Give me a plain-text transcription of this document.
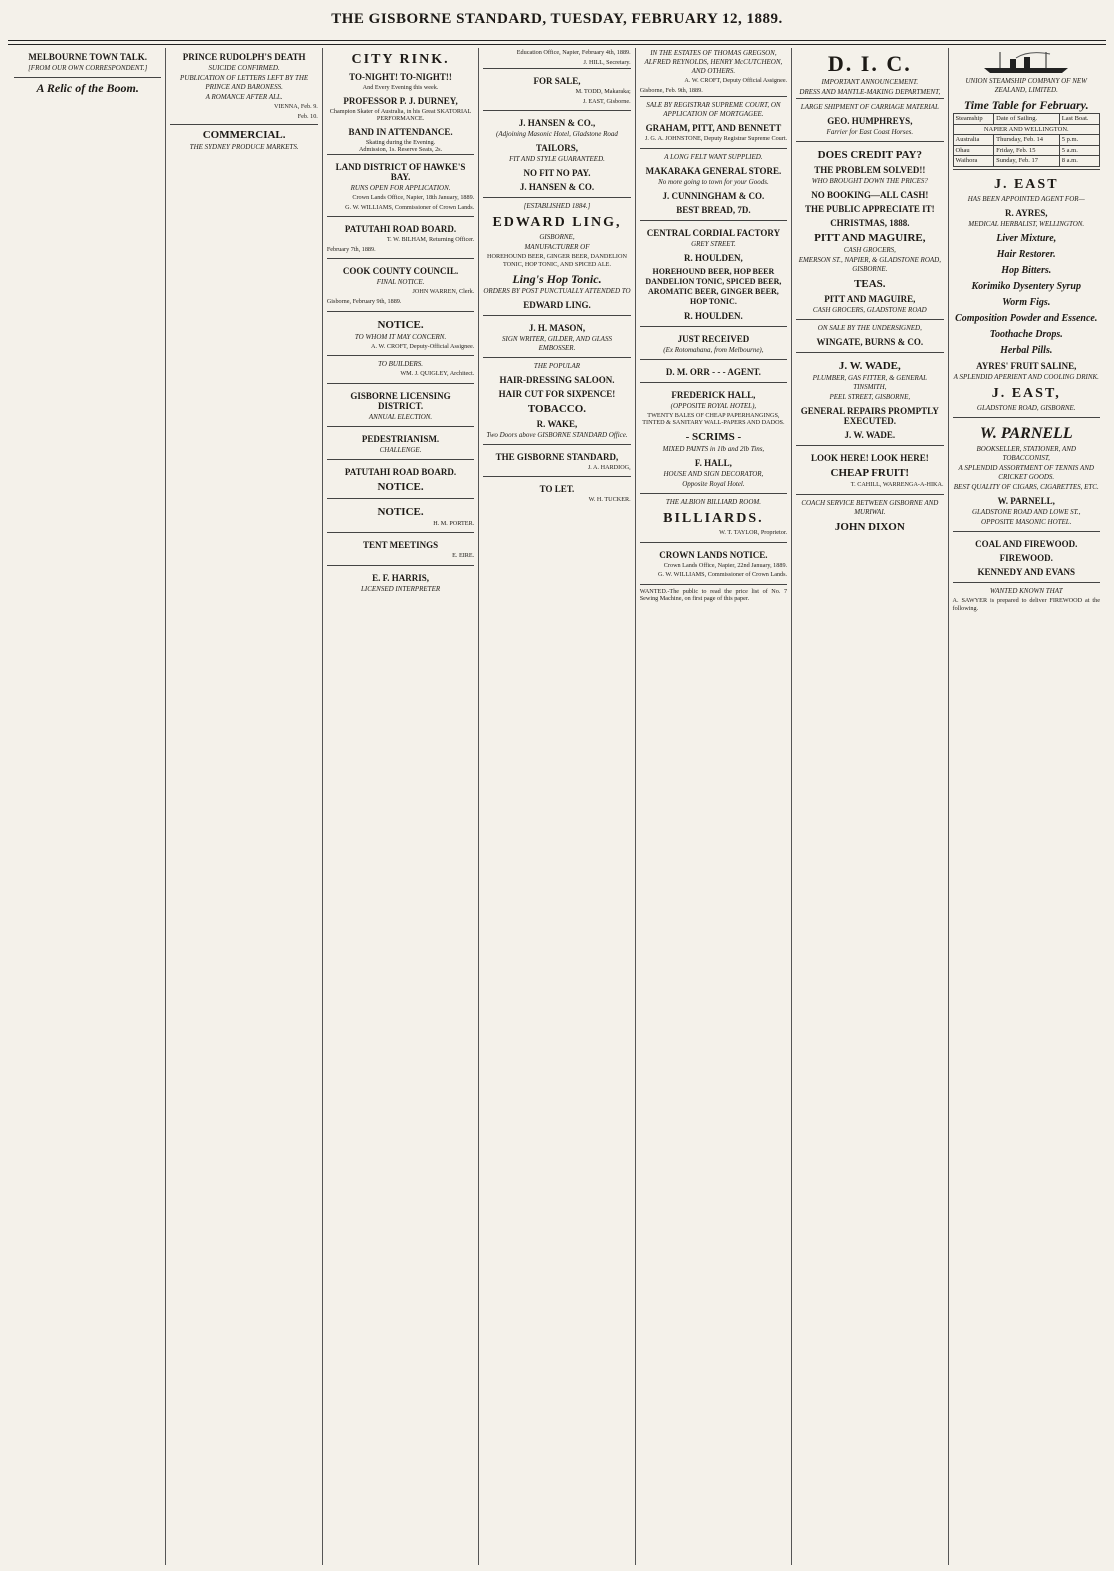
THE GISBORNE STANDARD, TUESDAY, FEBRUARY 12, 1889.
MELBOURNE TOWN TALK.
[FROM OUR OWN CORRESPONDENT.]
A Relic of the Boom.
PRINCE RUDOLPH'S DEATH
SUICIDE CONFIRMED.
PUBLICATION OF LETTERS LEFT BY THE PRINCE AND BARONESS.
A ROMANCE AFTER ALL.
VIENNA, Feb. 9.
Feb. 10.
COMMERCIAL.
THE SYDNEY PRODUCE MARKETS.
CITY RINK.
TO-NIGHT! TO-NIGHT!!
And Every Evening this week.
PROFESSOR P. J. DURNEY,
Champion Skater of Australia, in his Great SKATORIAL PERFORMANCE.
BAND IN ATTENDANCE.
Skating during the Evening.
Admission, 1s. Reserve Seats, 2s.
LAND DISTRICT OF HAWKE'S BAY.
RUNS OPEN FOR APPLICATION.
Crown Lands Office, Napier, 18th January, 1889.
G. W. WILLIAMS, Commissioner of Crown Lands.
PATUTAHI ROAD BOARD.
T. W. BILHAM, Returning Officer.
February 7th, 1889.
COOK COUNTY COUNCIL.
FINAL NOTICE.
JOHN WARREN, Clerk.
Gisborne, February 9th, 1889.
NOTICE.
TO WHOM IT MAY CONCERN.
A. W. CROFT, Deputy-Official Assignee.
TO BUILDERS.
WM. J. QUIGLEY, Architect.
GISBORNE LICENSING DISTRICT.
ANNUAL ELECTION.
PEDESTRIANISM.
CHALLENGE.
PATUTAHI ROAD BOARD.
NOTICE.
NOTICE.
H. M. PORTER.
TENT MEETINGS
E. EIRE.
E. F. HARRIS,
LICENSED INTERPRETER
Education Office, Napier, February 4th, 1889.
J. HILL, Secretary.
FOR SALE,
M. TODD, Makaraka;
J. EAST, Gisborne.
J. HANSEN & CO.,
(Adjoining Masonic Hotel, Gladstone Road
TAILORS,
FIT AND STYLE GUARANTEED.
NO FIT NO PAY.
J. HANSEN & CO.
[ESTABLISHED 1884.]
EDWARD LING,
GISBORNE,
MANUFACTURER OF
HOREHOUND BEER, GINGER BEER, DANDELION TONIC, HOP TONIC, AND SPICED ALE.
Ling's Hop Tonic.
ORDERS BY POST PUNCTUALLY ATTENDED TO
EDWARD LING.
J. H. MASON,
SIGN WRITER, GILDER, AND GLASS EMBOSSER.
THE POPULAR
HAIR-DRESSING SALOON.
HAIR CUT FOR SIXPENCE!
TOBACCO.
R. WAKE,
Two Doors above GISBORNE STANDARD Office.
THE GISBORNE STANDARD,
J. A. HARDIOG,
TO LET.
W. H. TUCKER.
IN THE ESTATES OF THOMAS GREGSON, ALFRED REYNOLDS, HENRY McCUTCHEON, AND OTHERS.
A. W. CROFT, Deputy Official Assignee.
Gisborne, Feb. 9th, 1889.
SALE BY REGISTRAR SUPREME COURT, ON APPLICATION OF MORTGAGEE.
GRAHAM, PITT, AND BENNETT
J. G. A. JOHNSTONE, Deputy Registrar Supreme Court.
A LONG FELT WANT SUPPLIED.
MAKARAKA GENERAL STORE.
No more going to town for your Goods.
J. CUNNINGHAM & CO.
BEST BREAD, 7D.
CENTRAL CORDIAL FACTORY
GREY STREET.
R. HOULDEN,
HOREHOUND BEER, HOP BEER DANDELION TONIC, SPICED BEER, AROMATIC BEER, GINGER BEER, HOP TONIC.
R. HOULDEN.
JUST RECEIVED
(Ex Rotomahana, from Melbourne),
D. M. ORR - - - AGENT.
FREDERICK HALL,
(OPPOSITE ROYAL HOTEL),
TWENTY BALES OF CHEAP PAPERHANGINGS, TINTED & SANITARY WALL-PAPERS AND DADOS.
- SCRIMS -
MIXED PAINTS in 1lb and 2lb Tins,
F. HALL,
HOUSE AND SIGN DECORATOR,
Opposite Royal Hotel.
THE ALBION BILLIARD ROOM.
BILLIARDS.
W. T. TAYLOR, Proprietor.
CROWN LANDS NOTICE.
Crown Lands Office, Napier, 22nd January, 1889.
G. W. WILLIAMS, Commissioner of Crown Lands.
WANTED.-The public to read the price list of No. 7 Sewing Machine, on first page of this paper.
D. I. C.
IMPORTANT ANNOUNCEMENT.
DRESS AND MANTLE-MAKING DEPARTMENT,
LARGE SHIPMENT OF CARRIAGE MATERIAL
GEO. HUMPHREYS,
Farrier for East Coast Horses.
DOES CREDIT PAY?
THE PROBLEM SOLVED!!
WHO BROUGHT DOWN THE PRICES?
NO BOOKING—ALL CASH!
THE PUBLIC APPRECIATE IT!
CHRISTMAS, 1888.
PITT AND MAGUIRE,
CASH GROCERS,
EMERSON ST., NAPIER, & GLADSTONE ROAD, GISBORNE.
TEAS.
PITT AND MAGUIRE,
CASH GROCERS, GLADSTONE ROAD
ON SALE BY THE UNDERSIGNED,
WINGATE, BURNS & CO.
J. W. WADE,
PLUMBER, GAS FITTER, & GENERAL TINSMITH,
PEEL STREET, GISBORNE,
GENERAL REPAIRS PROMPTLY EXECUTED.
J. W. WADE.
LOOK HERE! LOOK HERE!
CHEAP FRUIT!
T. CAHILL, WARRENGA-A-HIKA.
COACH SERVICE BETWEEN GISBORNE AND MURIWAI.
JOHN DIXON
UNION STEAMSHIP COMPANY OF NEW ZEALAND, LIMITED.
Time Table for February.
Steamship	Date of Sailing.	Last Boat.
NAPIER AND WELLINGTON.		
Australia	Thursday, Feb. 14	5 p.m.
Ohau	Friday, Feb. 15	5 a.m.
Waihora	Sunday, Feb. 17	8 a.m.
J. EAST
HAS BEEN APPOINTED AGENT FOR—
R. AYRES,
MEDICAL HERBALIST, WELLINGTON.
Liver Mixture,
Hair Restorer.
Hop Bitters.
Korimiko Dysentery Syrup
Worm Figs.
Composition Powder and Essence.
Toothache Drops.
Herbal Pills.
AYRES' FRUIT SALINE,
A SPLENDID APERIENT AND COOLING DRINK.
J. EAST,
GLADSTONE ROAD, GISBORNE.
W. PARNELL
BOOKSELLER, STATIONER, AND TOBACCONIST,
A SPLENDID ASSORTMENT OF TENNIS AND CRICKET GOODS.
BEST QUALITY OF CIGARS, CIGARETTES, ETC.
W. PARNELL,
GLADSTONE ROAD AND LOWE ST.,
OPPOSITE MASONIC HOTEL.
COAL AND FIREWOOD.
FIREWOOD.
KENNEDY AND EVANS
WANTED KNOWN THAT
A. SAWYER is prepared to deliver FIREWOOD at the following.
